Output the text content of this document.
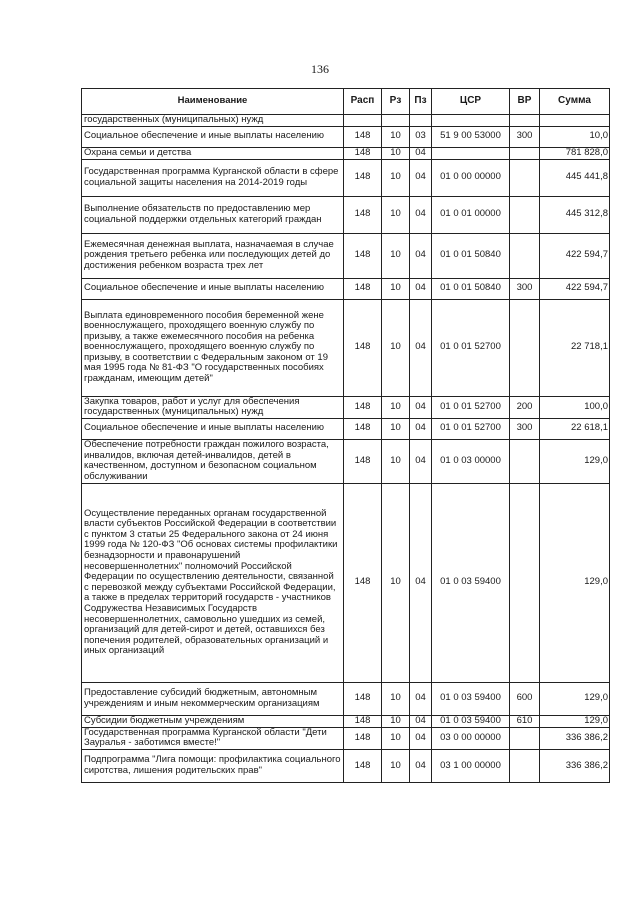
136
Наименование	Расп	Рз	Пз	ЦСР	ВР	Сумма
государственных (муниципальных) нужд						
Социальное обеспечение и иные выплаты населению	148	10	03	51 9 00 53000	300	10,0
Охрана семьи и детства	148	10	04			781 828,0
Государственная программа Курганской области в сфере социальной защиты населения на 2014-2019 годы	148	10	04	01 0 00 00000		445 441,8
Выполнение обязательств по предоставлению мер социальной поддержки отдельных категорий граждан	148	10	04	01 0 01 00000		445 312,8
Ежемесячная денежная выплата, назначаемая в случае рождения третьего ребенка или последующих детей до достижения ребенком возраста трех лет	148	10	04	01 0 01 50840		422 594,7
Социальное обеспечение и иные выплаты населению	148	10	04	01 0 01 50840	300	422 594,7
Выплата единовременного пособия беременной жене военнослужащего, проходящего военную службу по призыву, а также ежемесячного пособия на ребенка военнослужащего, проходящего военную службу по призыву, в соответствии с Федеральным законом от 19 мая 1995 года № 81-ФЗ "О государственных пособиях гражданам, имеющим детей"	148	10	04	01 0 01 52700		22 718,1
Закупка товаров, работ и услуг для обеспечения государственных (муниципальных) нужд	148	10	04	01 0 01 52700	200	100,0
Социальное обеспечение и иные выплаты населению	148	10	04	01 0 01 52700	300	22 618,1
Обеспечение потребности граждан пожилого возраста, инвалидов, включая детей-инвалидов, детей в качественном, доступном и безопасном социальном обслуживании	148	10	04	01 0 03 00000		129,0
Осуществление переданных органам государственной власти субъектов Российской Федерации в соответствии с пунктом 3 статьи 25 Федерального закона от 24 июня 1999 года № 120-ФЗ "Об основах системы профилактики безнадзорности и правонарушений несовершеннолетних" полномочий Российской Федерации по осуществлению деятельности, связанной с перевозкой между субъектами Российской Федерации, а также в пределах территорий государств - участников Содружества Независимых Государств несовершеннолетних, самовольно ушедших из семей, организаций для детей-сирот и детей, оставшихся без попечения родителей, образовательных организаций и иных организаций	148	10	04	01 0 03 59400		129,0
Предоставление субсидий бюджетным, автономным учреждениям и иным некоммерческим организациям	148	10	04	01 0 03 59400	600	129,0
Субсидии бюджетным учреждениям	148	10	04	01 0 03 59400	610	129,0
Государственная программа Курганской области "Дети Зауралья - заботимся вместе!"	148	10	04	03 0 00 00000		336 386,2
Подпрограмма "Лига помощи: профилактика социального сиротства, лишения родительских прав"	148	10	04	03 1 00 00000		336 386,2
